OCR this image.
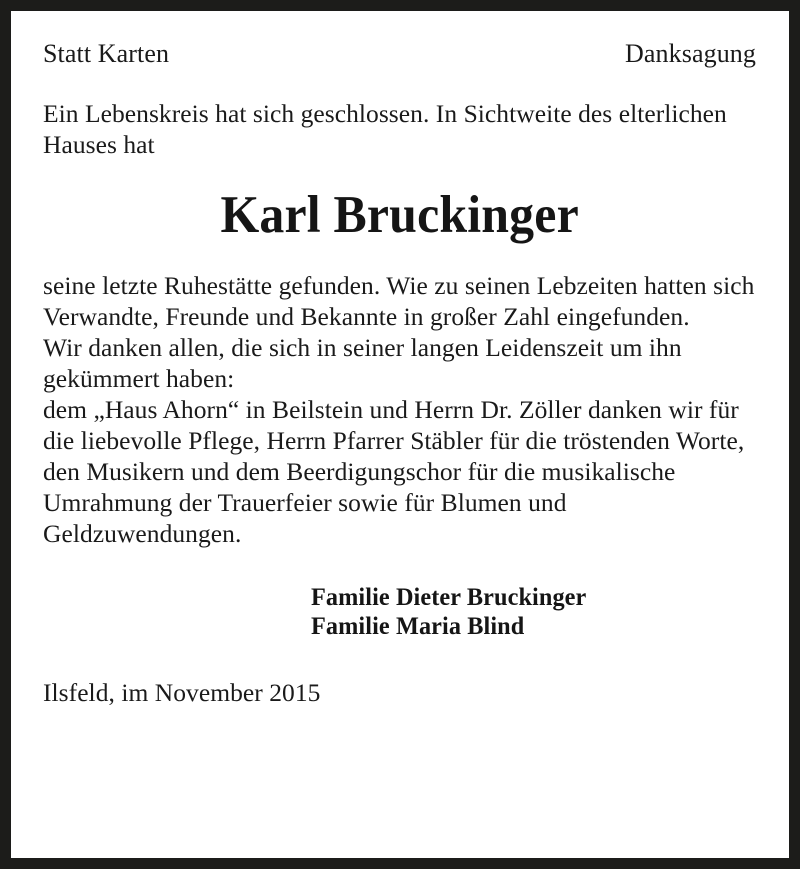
Statt Karten	Danksagung

Ein Lebenskreis hat sich geschlossen. In Sichtweite des elterlichen Hauses hat

Karl Bruckinger

seine letzte Ruhestätte gefunden. Wie zu seinen Lebzeiten hatten sich Verwandte, Freunde und Bekannte in großer Zahl eingefunden.

Wir danken allen, die sich in seiner langen Leidenszeit um ihn gekümmert haben:

dem „Haus Ahorn“ in Beilstein und Herrn Dr. Zöller danken wir für die liebevolle Pflege, Herrn Pfarrer Stäbler für die tröstenden Worte, den Musikern und dem Beerdigungschor für die musikalische Umrahmung der Trauerfeier sowie für Blumen und Geldzuwendungen.

Familie Dieter Bruckinger
Familie Maria Blind
Ilsfeld, im November 2015
